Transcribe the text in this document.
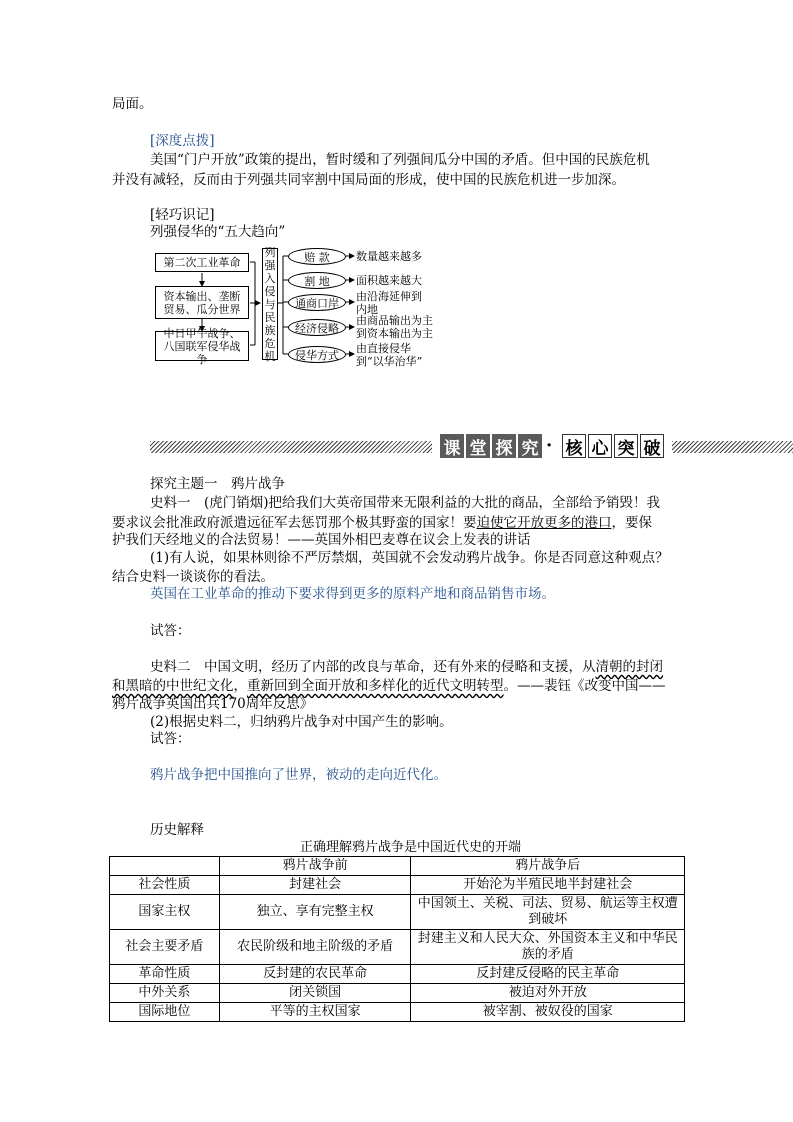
局面。
[深度点拨]
美国“门户开放”政策的提出，暂时缓和了列强间瓜分中国的矛盾。但中国的民族危机
并没有减轻，反而由于列强共同宰割中国局面的形成，使中国的民族危机进一步加深。
[轻巧识记]
列强侵华的“五大趋向”
第二次工业革命
资本输出、垄断贸易、瓜分世界
中日甲午战争、八国联军侵华战争
列强入侵与民族危机
赔 款
割 地
通商口岸
经济侵略
侵华方式
数量越来越多
面积越来越大
由沿海延伸到内地
由商品输出为主到资本输出为主
由直接侵华到“以华治华”
课 堂 探 究 · 核 心 突 破
探究主题一　鸦片战争
史料一　(虎门销烟)把给我们大英帝国带来无限利益的大批的商品，全部给予销毁！我
要求议会批准政府派遣远征军去惩罚那个极其野蛮的国家！要迫使它开放更多的港口，要保
护我们天经地义的合法贸易！——英国外相巴麦尊在议会上发表的讲话
(1)有人说，如果林则徐不严厉禁烟，英国就不会发动鸦片战争。你是否同意这种观点？
结合史料一谈谈你的看法。
英国在工业革命的推动下要求得到更多的原料产地和商品销售市场。
试答：
史料二　中国文明，经历了内部的改良与革命，还有外来的侵略和支援，从清朝的封闭
和黑暗的中世纪文化，重新回到全面开放和多样化的近代文明转型。——裴钰《改变中国——
鸦片战争英国出兵170周年反思》
(2)根据史料二，归纳鸦片战争对中国产生的影响。
试答：
鸦片战争把中国推向了世界，被动的走向近代化。
历史解释
正确理解鸦片战争是中国近代史的开端
	鸦片战争前	鸦片战争后
社会性质	封建社会	开始沦为半殖民地半封建社会
国家主权	独立、享有完整主权	中国领土、关税、司法、贸易、航运等主权遭到破坏
社会主要矛盾	农民阶级和地主阶级的矛盾	封建主义和人民大众、外国资本主义和中华民族的矛盾
革命性质	反封建的农民革命	反封建反侵略的民主革命
中外关系	闭关锁国	被迫对外开放
国际地位	平等的主权国家	被宰割、被奴役的国家
